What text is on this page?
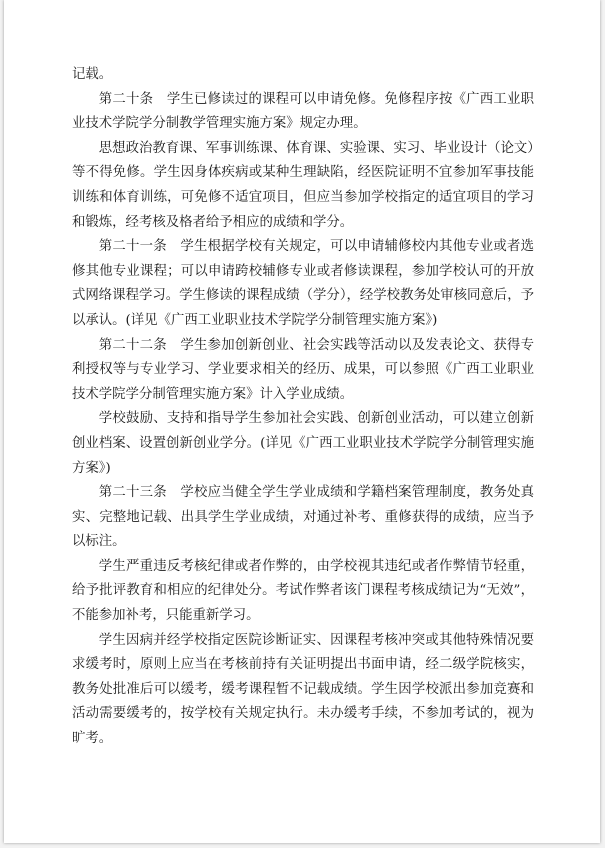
记载。

第二十条　学生已修读过的课程可以申请免修。免修程序按《广西工业职业技术学院学分制教学管理实施方案》规定办理。

思想政治教育课、军事训练课、体育课、实验课、实习、毕业设计（论文）等不得免修。学生因身体疾病或某种生理缺陷，经医院证明不宜参加军事技能训练和体育训练，可免修不适宜项目，但应当参加学校指定的适宜项目的学习和锻炼，经考核及格者给予相应的成绩和学分。

第二十一条　学生根据学校有关规定，可以申请辅修校内其他专业或者选修其他专业课程；可以申请跨校辅修专业或者修读课程，参加学校认可的开放式网络课程学习。学生修读的课程成绩（学分），经学校教务处审核同意后，予以承认。(详见《广西工业职业技术学院学分制管理实施方案》)

第二十二条　学生参加创新创业、社会实践等活动以及发表论文、获得专利授权等与专业学习、学业要求相关的经历、成果，可以参照《广西工业职业技术学院学分制管理实施方案》计入学业成绩。

学校鼓励、支持和指导学生参加社会实践、创新创业活动，可以建立创新创业档案、设置创新创业学分。(详见《广西工业职业技术学院学分制管理实施方案》)

第二十三条　学校应当健全学生学业成绩和学籍档案管理制度，教务处真实、完整地记载、出具学生学业成绩，对通过补考、重修获得的成绩，应当予以标注。

学生严重违反考核纪律或者作弊的，由学校视其违纪或者作弊情节轻重，给予批评教育和相应的纪律处分。考试作弊者该门课程考核成绩记为“无效”，不能参加补考，只能重新学习。

学生因病并经学校指定医院诊断证实、因课程考核冲突或其他特殊情况要求缓考时，原则上应当在考核前持有关证明提出书面申请，经二级学院核实，教务处批准后可以缓考，缓考课程暂不记载成绩。学生因学校派出参加竞赛和活动需要缓考的，按学校有关规定执行。未办缓考手续，不参加考试的，视为旷考。
